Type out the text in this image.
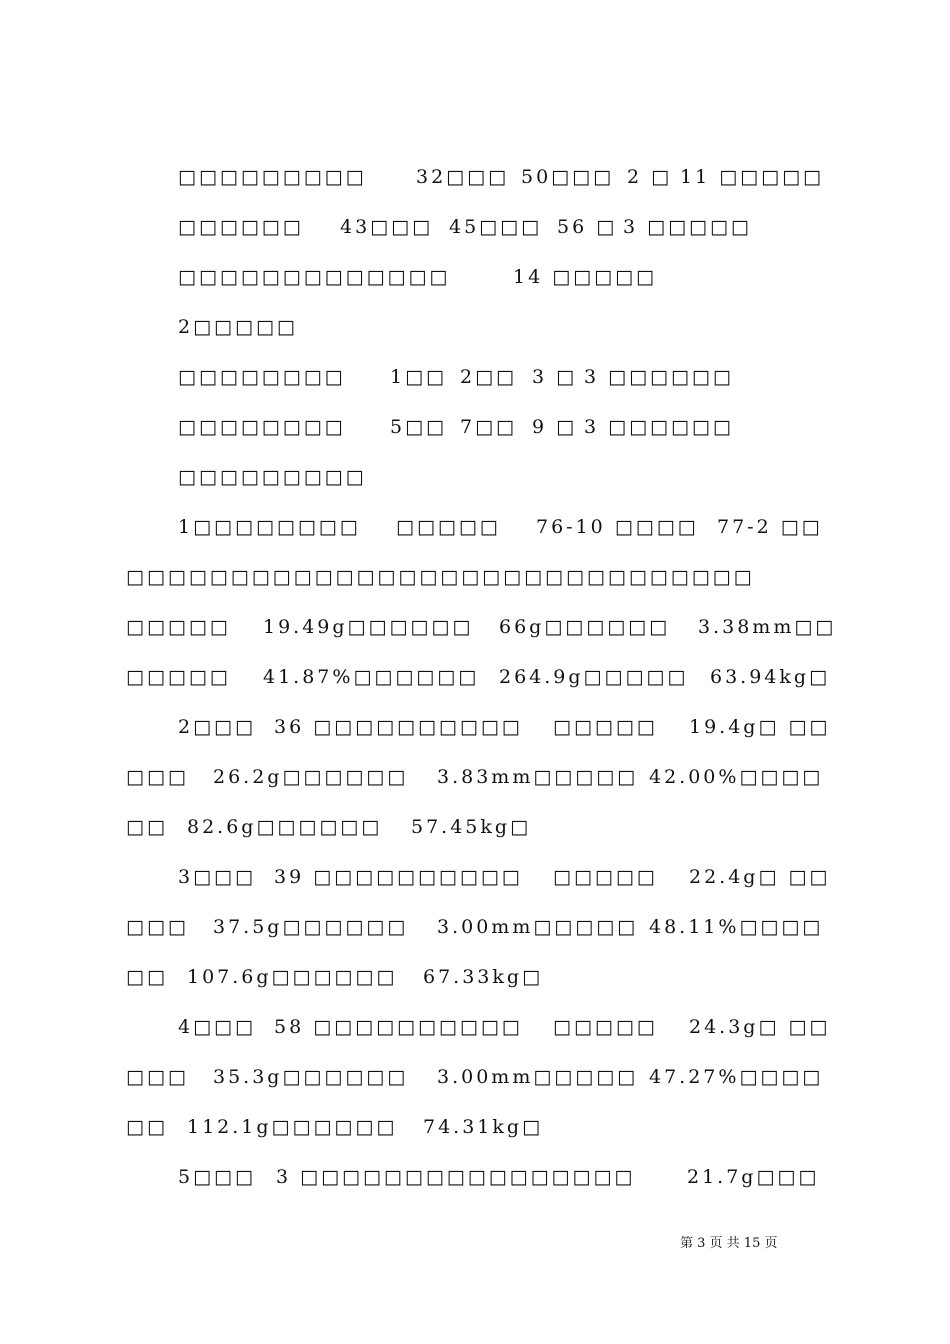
□□□□□□□□□	32□□□ 50□□□ 2 □ 11 □□□□□
□□□□□□ 43□□□ 45□□□ 56 □ 3 □□□□□
□□□□□□□□□□□□□	14 □□□□□
2□□□□□
□□□□□□□□ 1□□ 2□□ 3 □ 3 □□□□□□
□□□□□□□□ 5□□ 7□□ 9 □ 3 □□□□□□
□□□□□□□□□
1□□□□□□□□ □□□□□ 76-10 □□□□ 77-2 □□
□□□□□□□□□□□□□□□□□□□□□□□□□□□□□□
□□□□□ 19.49g□□□□□□ 66g□□□□□□ 3.38mm□□
□□□□□ 41.87%□□□□□□ 264.9g□□□□□ 63.94kg□
2□□□ 36 □□□□□□□□□□ □□□□□ 19.4g□ □□
□□□ 26.2g□□□□□□ 3.83mm□□□□□ 42.00%□□□□
□□ 82.6g□□□□□□ 57.45kg□
3□□□ 39 □□□□□□□□□□ □□□□□ 22.4g□ □□
□□□ 37.5g□□□□□□ 3.00mm□□□□□ 48.11%□□□□
□□ 107.6g□□□□□□ 67.33kg□
4□□□ 58 □□□□□□□□□□ □□□□□ 24.3g□ □□
□□□ 35.3g□□□□□□ 3.00mm□□□□□ 47.27%□□□□
□□ 112.1g□□□□□□ 74.31kg□
5□□□ 3 □□□□□□□□□□□□□□□□	21.7g□□□
第 3 页 共 15 页
